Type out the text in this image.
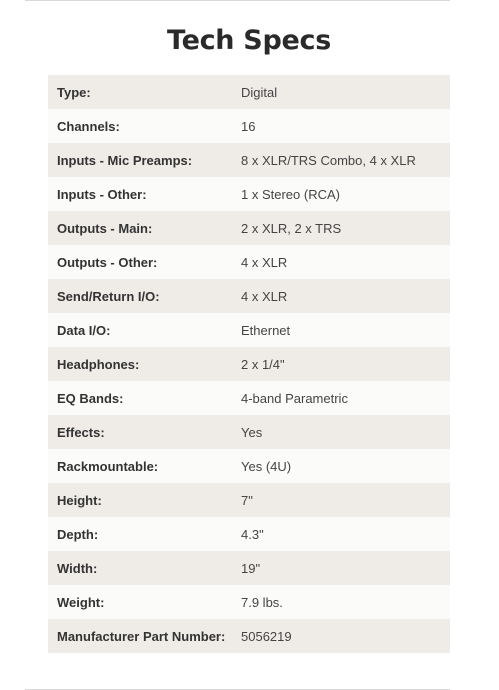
Tech Specs
Type:	Digital
Channels:	16
Inputs - Mic Preamps:	8 x XLR/TRS Combo, 4 x XLR
Inputs - Other:	1 x Stereo (RCA)
Outputs - Main:	2 x XLR, 2 x TRS
Outputs - Other:	4 x XLR
Send/Return I/O:	4 x XLR
Data I/O:	Ethernet
Headphones:	2 x 1/4"
EQ Bands:	4-band Parametric
Effects:	Yes
Rackmountable:	Yes (4U)
Height:	7"
Depth:	4.3"
Width:	19"
Weight:	7.9 lbs.
Manufacturer Part Number:	5056219
